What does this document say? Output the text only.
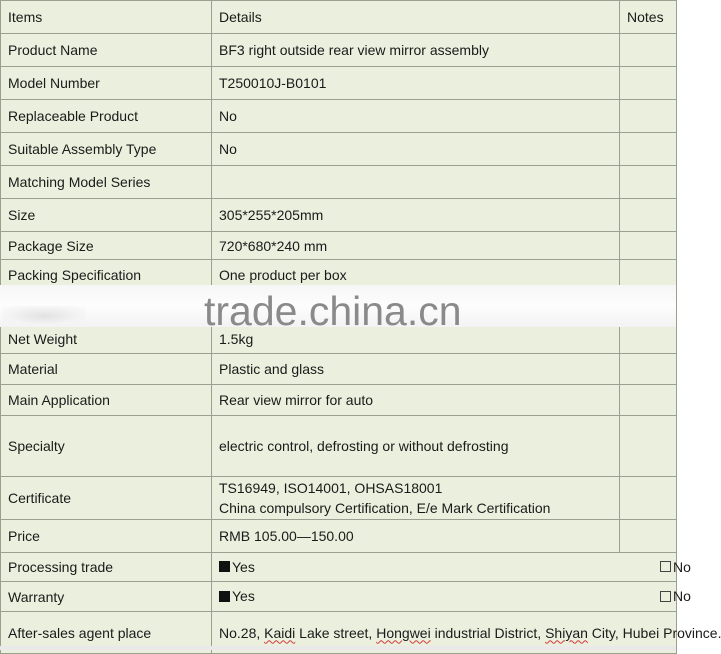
Items	Details	Notes
Product Name	BF3 right outside rear view mirror assembly	
Model Number	T250010J-B0101	
Replaceable Product	No	
Suitable Assembly Type	No	
Matching Model Series		
Size	305*255*205mm	
Package Size	720*680*240 mm	
Packing Specification	One product per box	
Net Weight	1.5kg	
Material	Plastic and glass	
Main Application	Rear view mirror for auto	
Specialty	electric control, defrosting or without defrosting	
Certificate	TS16949, ISO14001, OHSAS18001
China compulsory Certification, E/e Mark Certification	
Price	RMB 105.00—150.00	
Processing trade	Yes No	

Warranty	Yes No	

After-sales agent place	No.28, Kaidi Lake street, Hongwei industrial District, Shiyan City, Hubei Province.	
trade.china.cn
